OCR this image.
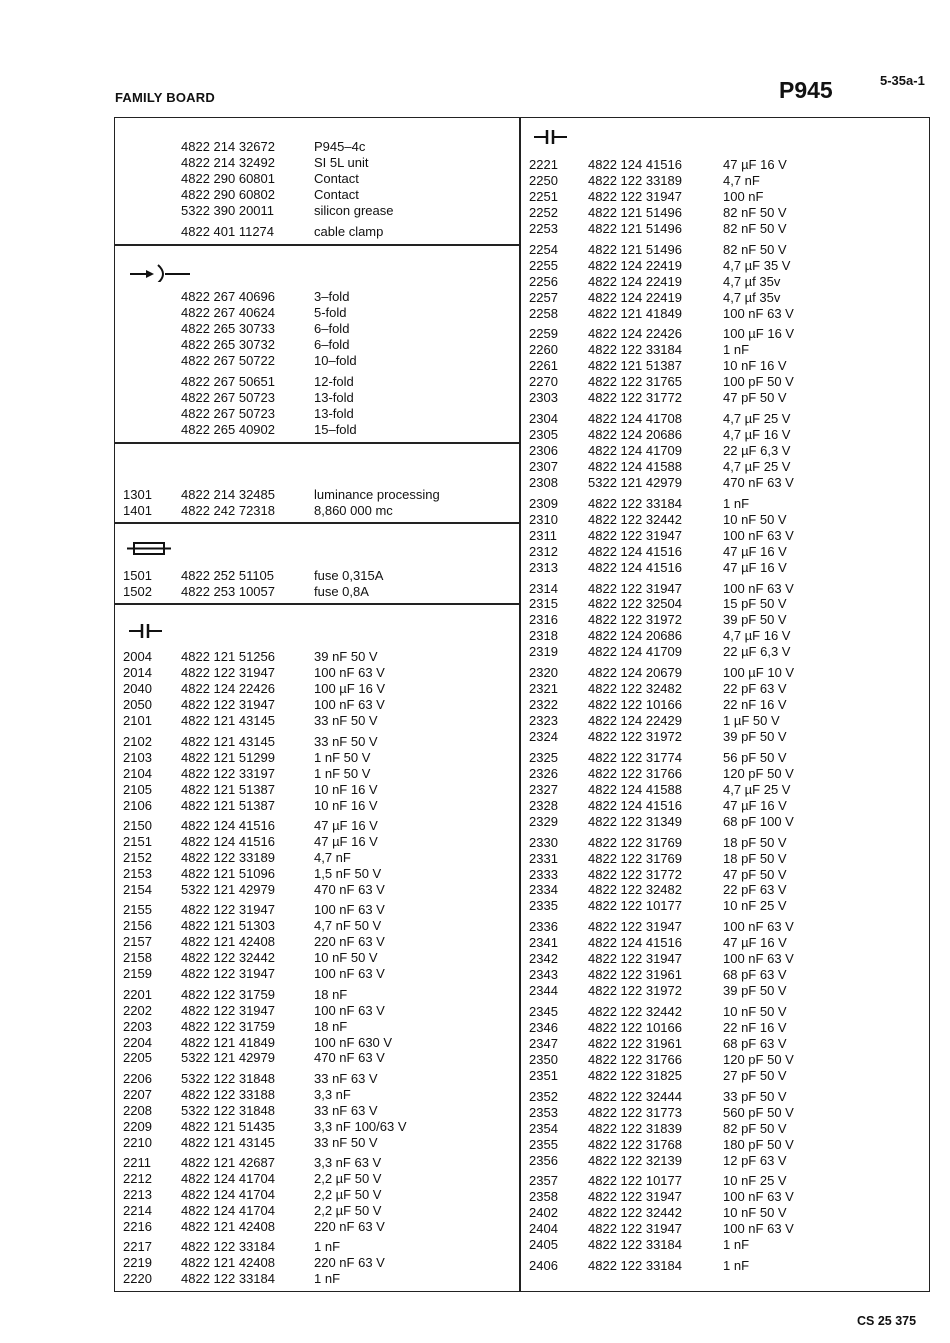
FAMILY BOARD	P945	5-35a-1
CS 25 375
4822 214 32672	P945–4c
4822 214 32492	SI 5L unit
4822 290 60801	Contact
4822 290 60802	Contact
5322 390 20011	silicon grease
4822 401 11274	cable clamp
4822 267 40696	3–fold
4822 267 40624	5-fold
4822 265 30733	6–fold
4822 265 30732	6–fold
4822 267 50722	10–fold
4822 267 50651	12-fold
4822 267 50723	13-fold
4822 267 50723	13-fold
4822 265 40902	15–fold
1301 4822 214 32485	luminance processing
1401 4822 242 72318	8,860 000 mc
1501 4822 252 51105	fuse 0,315A
1502 4822 253 10057	fuse 0,8A
2004 4822 121 51256	39 nF 50 V
2014 4822 122 31947	100 nF 63 V
2040 4822 124 22426	100 µF 16 V
2050 4822 122 31947	100 nF 63 V
2101 4822 121 43145	33 nF 50 V
2102 4822 121 43145	33 nF 50 V
2103 4822 121 51299	1 nF 50 V
2104 4822 122 33197	1 nF 50 V
2105 4822 121 51387	10 nF 16 V
2106 4822 121 51387	10 nF 16 V
2150 4822 124 41516	47 µF 16 V
2151 4822 124 41516	47 µF 16 V
2152 4822 122 33189	4,7 nF
2153 4822 121 51096	1,5 nF 50 V
2154 5322 121 42979	470 nF 63 V
2155 4822 122 31947	100 nF 63 V
2156 4822 121 51303	4,7 nF 50 V
2157 4822 121 42408	220 nF 63 V
2158 4822 122 32442	10 nF 50 V
2159 4822 122 31947	100 nF 63 V
2201 4822 122 31759	18 nF
2202 4822 122 31947	100 nF 63 V
2203 4822 122 31759	18 nF
2204 4822 121 41849	100 nF 630 V
2205 5322 121 42979	470 nF 63 V
2206 5322 122 31848	33 nF 63 V
2207 4822 122 33188	3,3 nF
2208 5322 122 31848	33 nF 63 V
2209 4822 121 51435	3,3 nF 100/63 V
2210 4822 121 43145	33 nF 50 V
2211 4822 121 42687	3,3 nF 63 V
2212 4822 124 41704	2,2 µF 50 V
2213 4822 124 41704	2,2 µF 50 V
2214 4822 124 41704	2,2 µF 50 V
2216 4822 121 42408	220 nF 63 V
2217 4822 122 33184	1 nF
2219 4822 121 42408	220 nF 63 V
2220 4822 122 33184	1 nF
2221 4822 124 41516	47 µF 16 V
2250 4822 122 33189	4,7 nF
2251 4822 122 31947	100 nF
2252 4822 121 51496	82 nF 50 V
2253 4822 121 51496	82 nF 50 V
2254 4822 121 51496	82 nF 50 V
2255 4822 124 22419	4,7 µF 35 V
2256 4822 124 22419	4,7 µf 35v
2257 4822 124 22419	4,7 µf 35v
2258 4822 121 41849	100 nF 63 V
2259 4822 124 22426	100 µF 16 V
2260 4822 122 33184	1 nF
2261 4822 121 51387	10 nF 16 V
2270 4822 122 31765	100 pF 50 V
2303 4822 122 31772	47 pF 50 V
2304 4822 124 41708	4,7 µF 25 V
2305 4822 124 20686	4,7 µF 16 V
2306 4822 124 41709	22 µF 6,3 V
2307 4822 124 41588	4,7 µF 25 V
2308 5322 121 42979	470 nF 63 V
2309 4822 122 33184	1 nF
2310 4822 122 32442	10 nF 50 V
2311 4822 122 31947	100 nF 63 V
2312 4822 124 41516	47 µF 16 V
2313 4822 124 41516	47 µF 16 V
2314 4822 122 31947	100 nF 63 V
2315 4822 122 32504	15 pF 50 V
2316 4822 122 31972	39 pF 50 V
2318 4822 124 20686	4,7 µF 16 V
2319 4822 124 41709	22 µF 6,3 V
2320 4822 124 20679	100 µF 10 V
2321 4822 122 32482	22 pF 63 V
2322 4822 122 10166	22 nF 16 V
2323 4822 124 22429	1 µF 50 V
2324 4822 122 31972	39 pF 50 V
2325 4822 122 31774	56 pF 50 V
2326 4822 122 31766	120 pF 50 V
2327 4822 124 41588	4,7 µF 25 V
2328 4822 124 41516	47 µF 16 V
2329 4822 122 31349	68 pF 100 V
2330 4822 122 31769	18 pF 50 V
2331 4822 122 31769	18 pF 50 V
2333 4822 122 31772	47 pF 50 V
2334 4822 122 32482	22 pF 63 V
2335 4822 122 10177	10 nF 25 V
2336 4822 122 31947	100 nF 63 V
2341 4822 124 41516	47 µF 16 V
2342 4822 122 31947	100 nF 63 V
2343 4822 122 31961	68 pF 63 V
2344 4822 122 31972	39 pF 50 V
2345 4822 122 32442	10 nF 50 V
2346 4822 122 10166	22 nF 16 V
2347 4822 122 31961	68 pF 63 V
2350 4822 122 31766	120 pF 50 V
2351 4822 122 31825	27 pF 50 V
2352 4822 122 32444	33 pF 50 V
2353 4822 122 31773	560 pF 50 V
2354 4822 122 31839	82 pF 50 V
2355 4822 122 31768	180 pF 50 V
2356 4822 122 32139	12 pF 63 V
2357 4822 122 10177	10 nF 25 V
2358 4822 122 31947	100 nF 63 V
2402 4822 122 32442	10 nF 50 V
2404 4822 122 31947	100 nF 63 V
2405 4822 122 33184	1 nF
2406 4822 122 33184	1 nF
